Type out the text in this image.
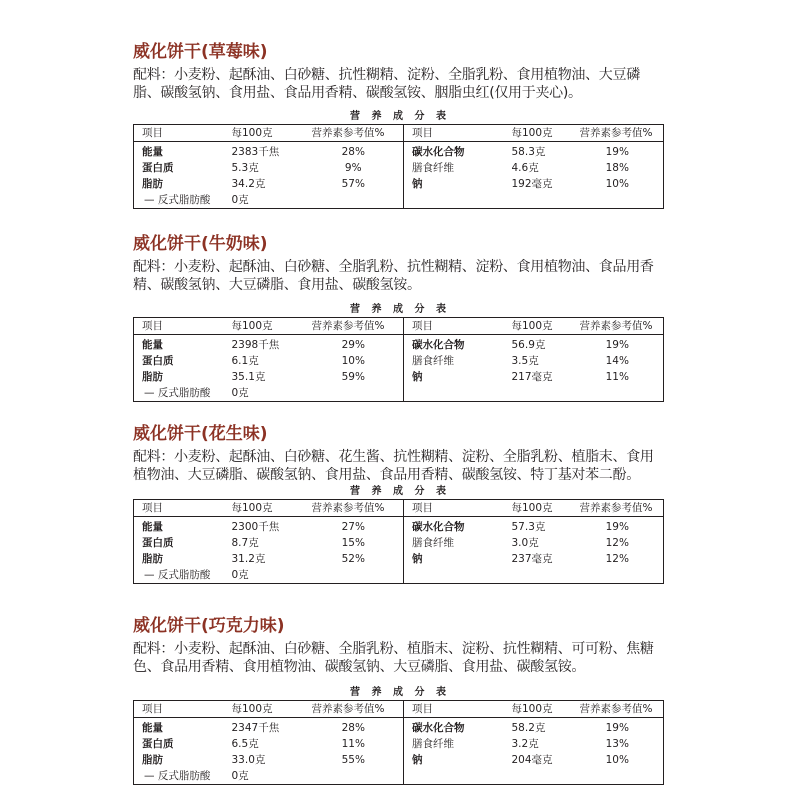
威化饼干(草莓味)
配料：小麦粉、起酥油、白砂糖、抗性糊精、淀粉、全脂乳粉、食用植物油、大豆磷脂、碳酸氢钠、食用盐、食品用香精、碳酸氢铵、胭脂虫红(仅用于夹心)。
营 养 成 分 表
项目	每100克	营养素参考值%	项目	每100克	营养素参考值%
能量	2383千焦	28%	碳水化合物	58.3克	19%
蛋白质	5.3克	9%	膳食纤维	4.6克	18%
脂肪	34.2克	57%	钠	192毫克	10%
— 反式脂肪酸	0克				
威化饼干(牛奶味)
配料：小麦粉、起酥油、白砂糖、全脂乳粉、抗性糊精、淀粉、食用植物油、食品用香精、碳酸氢钠、大豆磷脂、食用盐、碳酸氢铵。
营 养 成 分 表
项目	每100克	营养素参考值%	项目	每100克	营养素参考值%
能量	2398千焦	29%	碳水化合物	56.9克	19%
蛋白质	6.1克	10%	膳食纤维	3.5克	14%
脂肪	35.1克	59%	钠	217毫克	11%
— 反式脂肪酸	0克				
威化饼干(花生味)
配料：小麦粉、起酥油、白砂糖、花生酱、抗性糊精、淀粉、全脂乳粉、植脂末、食用植物油、大豆磷脂、碳酸氢钠、食用盐、食品用香精、碳酸氢铵、特丁基对苯二酚。
营 养 成 分 表
项目	每100克	营养素参考值%	项目	每100克	营养素参考值%
能量	2300千焦	27%	碳水化合物	57.3克	19%
蛋白质	8.7克	15%	膳食纤维	3.0克	12%
脂肪	31.2克	52%	钠	237毫克	12%
— 反式脂肪酸	0克				
威化饼干(巧克力味)
配料：小麦粉、起酥油、白砂糖、全脂乳粉、植脂末、淀粉、抗性糊精、可可粉、焦糖色、食品用香精、食用植物油、碳酸氢钠、大豆磷脂、食用盐、碳酸氢铵。
营 养 成 分 表
项目	每100克	营养素参考值%	项目	每100克	营养素参考值%
能量	2347千焦	28%	碳水化合物	58.2克	19%
蛋白质	6.5克	11%	膳食纤维	3.2克	13%
脂肪	33.0克	55%	钠	204毫克	10%
— 反式脂肪酸	0克				
